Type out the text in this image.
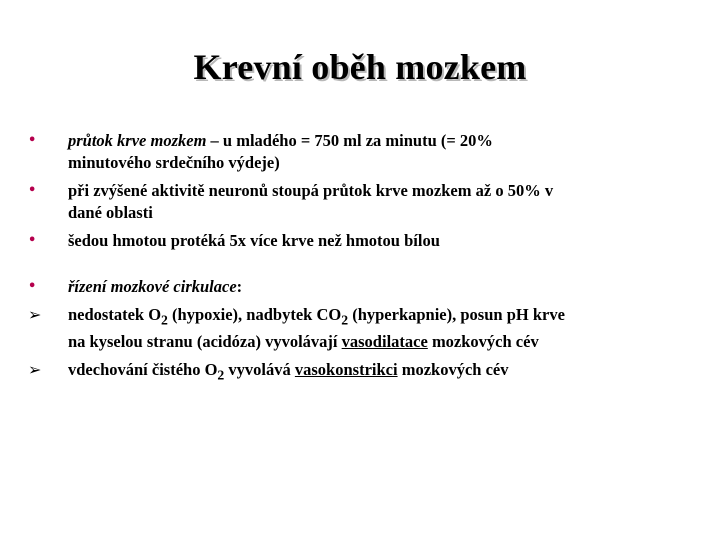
Krevní oběh mozkem
•	průtok krve mozkem – u mladého = 750 ml za minutu (= 20%
minutového srdečního výdeje)
•	při zvýšené aktivitě neuronů stoupá průtok krve mozkem až o 50% v
dané oblasti
•	šedou hmotou protéká 5x více krve než hmotou bílou
•	řízení mozkové cirkulace:
➢	nedostatek $O_2$ (hypoxie), nadbytek $CO_2$ (hyperkapnie), posun pH krve
na kyselou stranu (acidóza) vyvolávají vasodilatace mozkových cév
➢	vdechování čistého $O_2$ vyvolává vasokonstrikci mozkových cév
